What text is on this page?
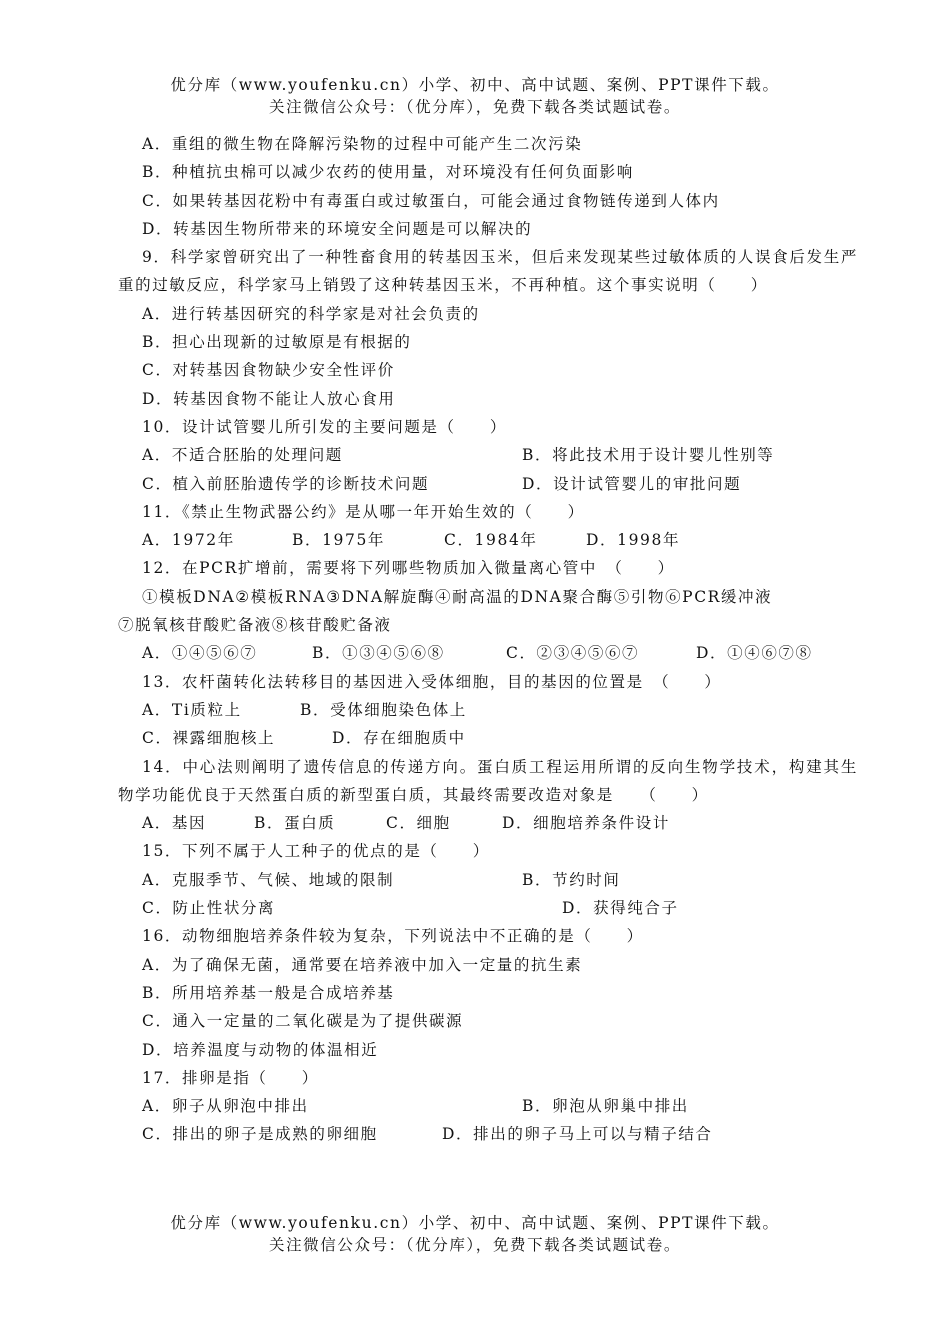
优分库（www.youfenku.cn）小学、初中、高中试题、案例、PPT课件下载。
关注微信公众号：（优分库），免费下载各类试题试卷。
A．重组的微生物在降解污染物的过程中可能产生二次污染
B．种植抗虫棉可以减少农药的使用量，对环境没有任何负面影响
C．如果转基因花粉中有毒蛋白或过敏蛋白，可能会通过食物链传递到人体内
D．转基因生物所带来的环境安全问题是可以解决的
9．科学家曾研究出了一种牲畜食用的转基因玉米，但后来发现某些过敏体质的人误食后发生严重的过敏反应，科学家马上销毁了这种转基因玉米，不再种植。这个事实说明（　　）
A．进行转基因研究的科学家是对社会负责的
B．担心出现新的过敏原是有根据的
C．对转基因食物缺少安全性评价
D．转基因食物不能让人放心食用
10．设计试管婴儿所引发的主要问题是（　　）
A．不适合胚胎的处理问题	B．将此技术用于设计婴儿性别等
C．植入前胚胎遗传学的诊断技术问题	D．设计试管婴儿的审批问题
11．《禁止生物武器公约》是从哪一年开始生效的（　　）
A．1972年	B．1975年	C．1984年	D．1998年
12．在PCR扩增前，需要将下列哪些物质加入微量离心管中　（　　）
①模板DNA②模板RNA③DNA解旋酶④耐高温的DNA聚合酶⑤引物⑥PCR缓冲液
⑦脱氧核苷酸贮备液⑧核苷酸贮备液
A．①④⑤⑥⑦	B．①③④⑤⑥⑧	C．②③④⑤⑥⑦	D．①④⑥⑦⑧
13．农杆菌转化法转移目的基因进入受体细胞，目的基因的位置是　（　　）
A．Ti质粒上	B．受体细胞染色体上
C．裸露细胞核上	D．存在细胞质中
14．中心法则阐明了遗传信息的传递方向。蛋白质工程运用所谓的反向生物学技术，构建其生物学功能优良于天然蛋白质的新型蛋白质，其最终需要改造对象是　　（　　）
A．基因	B．蛋白质	C．细胞	D．细胞培养条件设计
15．下列不属于人工种子的优点的是（　　）
A．克服季节、气候、地域的限制	B．节约时间
C．防止性状分离	D．获得纯合子
16．动物细胞培养条件较为复杂，下列说法中不正确的是（　　）
A．为了确保无菌，通常要在培养液中加入一定量的抗生素
B．所用培养基一般是合成培养基
C．通入一定量的二氧化碳是为了提供碳源
D．培养温度与动物的体温相近
17．排卵是指（　　）
A．卵子从卵泡中排出	B．卵泡从卵巢中排出
C．排出的卵子是成熟的卵细胞	D．排出的卵子马上可以与精子结合
优分库（www.youfenku.cn）小学、初中、高中试题、案例、PPT课件下载。
关注微信公众号：（优分库），免费下载各类试题试卷。
